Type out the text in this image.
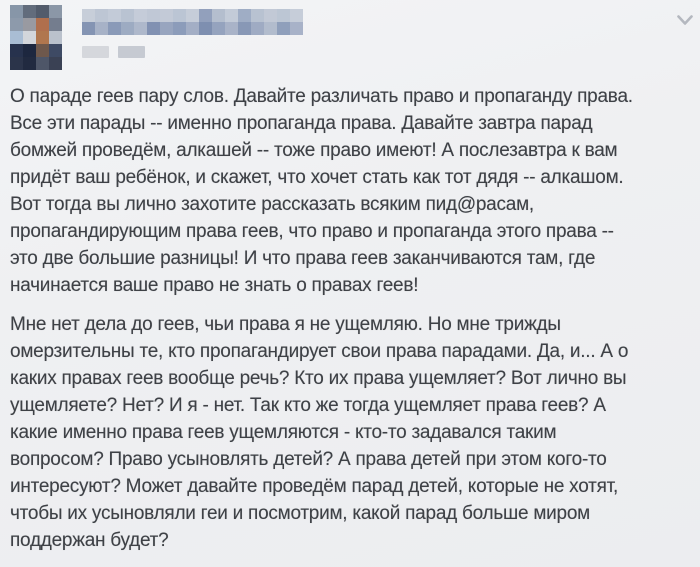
О параде геев пару слов. Давайте различать право и пропаганду права.
Все эти парады -- именно пропаганда права. Давайте завтра парад
бомжей проведём, алкашей -- тоже право имеют! А послезавтра к вам
придёт ваш ребёнок, и скажет, что хочет стать как тот дядя -- алкашом.
Вот тогда вы лично захотите рассказать всяким пид@расам,
пропагандирующим права геев, что право и пропаганда этого права --
это две большие разницы! И что права геев заканчиваются там, где
начинается ваше право не знать о правах геев!

Мне нет дела до геев, чьи права я не ущемляю. Но мне трижды
омерзительны те, кто пропагандирует свои права парадами. Да, и... А о
каких правах геев вообще речь? Кто их права ущемляет? Вот лично вы
ущемляете? Нет? И я - нет. Так кто же тогда ущемляет права геев? А
какие именно права геев ущемляются - кто-то задавался таким
вопросом? Право усыновлять детей? А права детей при этом кого-то
интересуют? Может давайте проведём парад детей, которые не хотят,
чтобы их усыновляли геи и посмотрим, какой парад больше миром
поддержан будет?
